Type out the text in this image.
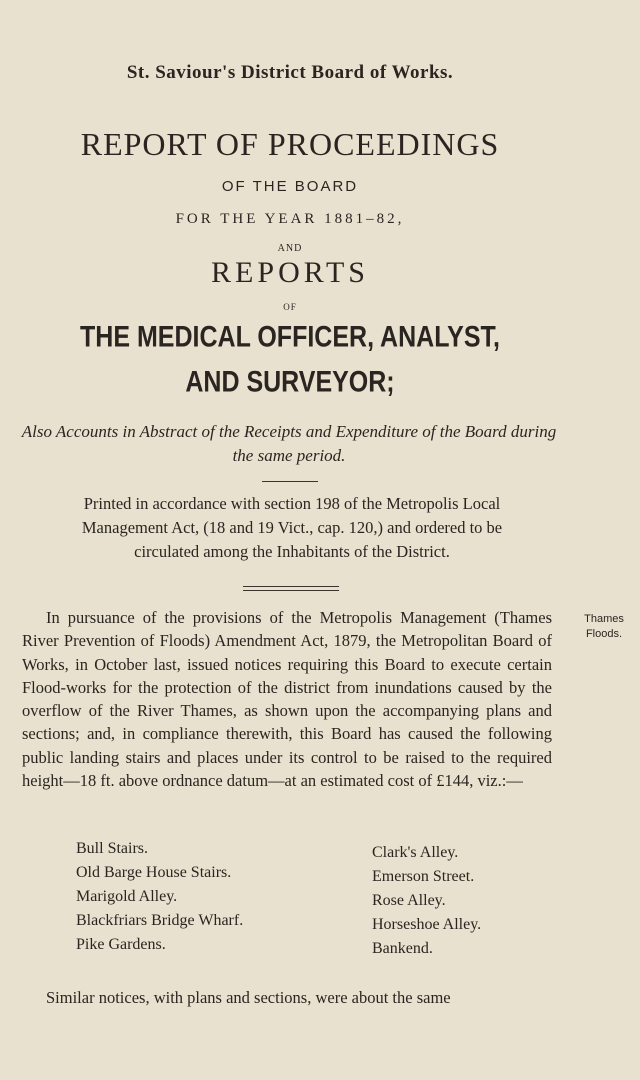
St. Saviour's District Board of Works.
REPORT OF PROCEEDINGS
OF THE BOARD
FOR THE YEAR 1881–82,
AND
REPORTS
OF
THE MEDICAL OFFICER, ANALYST,
AND SURVEYOR;
Also Accounts in Abstract of the Receipts and Expenditure of the Board during the same period.

Printed in accordance with section 198 of the Metropolis Local

Management Act, (18 and 19 Vict., cap. 120,) and ordered to be

circulated among the Inhabitants of the District.

Thames
Floods.

In pursuance of the provisions of the Metropolis Management (Thames River Prevention of Floods) Amendment Act, 1879, the Metropolitan Board of Works, in October last, issued notices requiring this Board to execute certain Flood-works for the protection of the district from inundations caused by the overflow of the River Thames, as shown upon the accompanying plans and sections; and, in compliance therewith, this Board has caused the following public landing stairs and places under its control to be raised to the required height—18 ft. above ordnance datum—at an estimated cost of £144, viz.:—

Bull Stairs.	Clark's Alley.
Old Barge House Stairs.	Emerson Street.
Marigold Alley.	Rose Alley.
Blackfriars Bridge Wharf.	Horseshoe Alley.
Pike Gardens.	Bankend.
Similar notices, with plans and sections, were about the same
